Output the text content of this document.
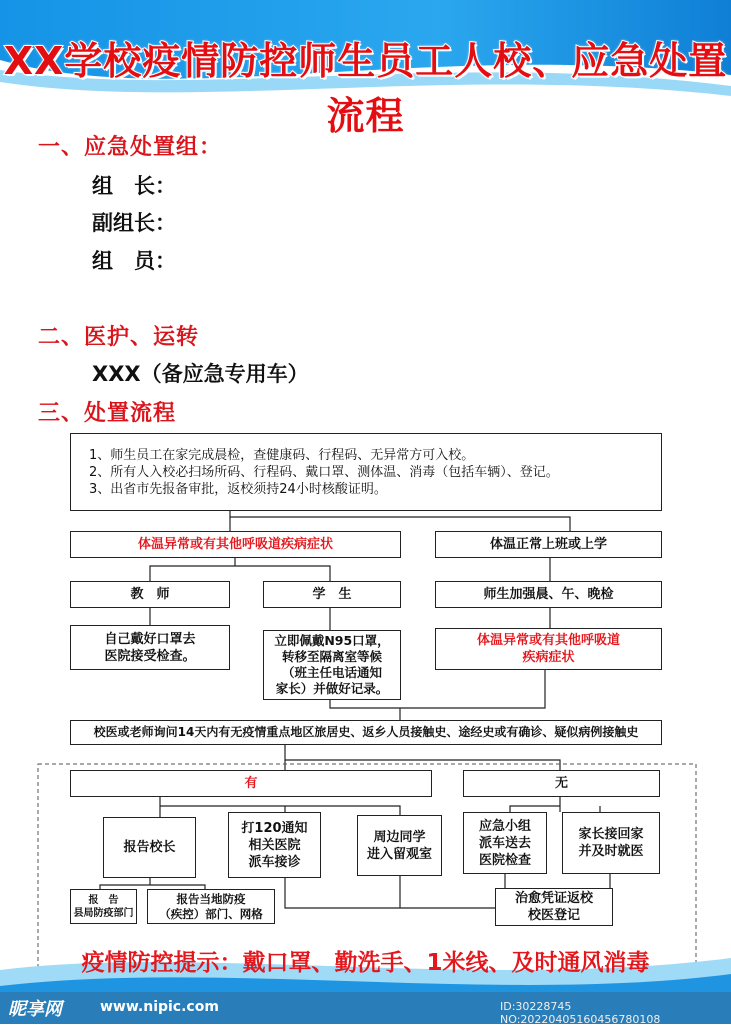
XX学校疫情防控师生员工人校、应急处置流程
一、应急处置组：
组　长：
副组长：
组　员：
二、医护、运转
XXX（备应急专用车）
三、处置流程
1、师生员工在家完成晨检，查健康码、行程码、无异常方可入校。
2、所有人入校必扫场所码、行程码、戴口罩、测体温、消毒（包括车辆）、登记。
3、出省市先报备审批，返校须持24小时核酸证明。
体温异常或有其他呼吸道疾病症状	体温正常上班或上学
教　师	学　生	师生加强晨、午、晚检
自己戴好口罩去
医院接受检查。
立即佩戴N95口罩，
转移至隔离室等候
（班主任电话通知
家长）并做好记录。
体温异常或有其他呼吸道
疾病症状
校医或老师询问14天内有无疫情重点地区旅居史、返乡人员接触史、途经史或有确诊、疑似病例接触史
有	无
报告校长
打120通知
相关医院
派车接诊
周边同学
进入留观室
应急小组
派车送去
医院检查
家长接回家
并及时就医
报　告
县局防疫部门
报告当地防疫
（疾控）部门、网格
治愈凭证返校
校医登记
疫情防控提示：戴口罩、勤洗手、1米线、及时通风消毒
昵享网	www.nipic.com	ID:30228745 NO:20220405160456780108
